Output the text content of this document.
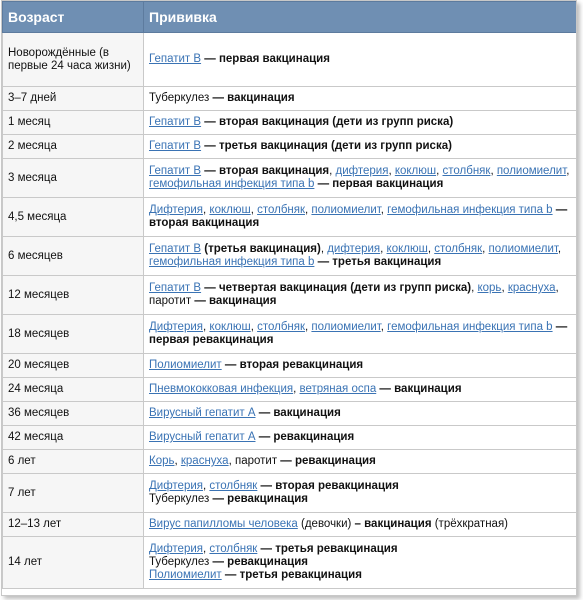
Возраст	Прививка
Новорождённые (в первые 24 часа жизни)	Гепатит В — первая вакцинация
3–7 дней	Туберкулез — вакцинация
1 месяц	Гепатит В — вторая вакцинация (дети из групп риска)
2 месяца	Гепатит В — третья вакцинация (дети из групп риска)
3 месяца	Гепатит В — вторая вакцинация, дифтерия, коклюш, столбняк, полиомиелит, гемофильная инфекция типа b — первая вакцинация
4,5 месяца	Дифтерия, коклюш, столбняк, полиомиелит, гемофильная инфекция типа b — вторая вакцинация
6 месяцев	Гепатит В (третья вакцинация), дифтерия, коклюш, столбняк, полиомиелит, гемофильная инфекция типа b — третья вакцинация
12 месяцев	Гепатит В — четвертая вакцинация (дети из групп риска), корь, краснуха, паротит — вакцинация
18 месяцев	Дифтерия, коклюш, столбняк, полиомиелит, гемофильная инфекция типа b — первая ревакцинация
20 месяцев	Полиомиелит — вторая ревакцинация
24 месяца	Пневмококковая инфекция, ветряная оспа — вакцинация
36 месяцев	Вирусный гепатит А — вакцинация
42 месяца	Вирусный гепатит А — ревакцинация
6 лет	Корь, краснуха, паротит — ревакцинация
7 лет	Дифтерия, столбняк — вторая ревакцинация
Туберкулез — ревакцинация
12–13 лет	Вирус папилломы человека (девочки) – вакцинация (трёхкратная)
14 лет	Дифтерия, столбняк — третья ревакцинация
Туберкулез — ревакцинация
Полиомиелит — третья ревакцинация
